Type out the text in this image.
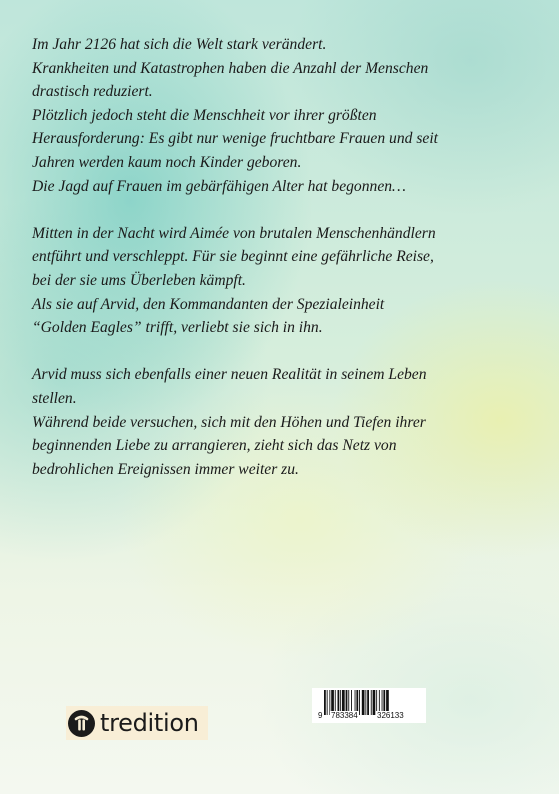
Im Jahr 2126 hat sich die Welt stark verändert.
Krankheiten und Katastrophen haben die Anzahl der Menschen
drastisch reduziert.
Plötzlich jedoch steht die Menschheit vor ihrer größten
Herausforderung: Es gibt nur wenige fruchtbare Frauen und seit
Jahren werden kaum noch Kinder geboren.
Die Jagd auf Frauen im gebärfähigen Alter hat begonnen…

Mitten in der Nacht wird Aimée von brutalen Menschenhändlern
entführt und verschleppt. Für sie beginnt eine gefährliche Reise,
bei der sie ums Überleben kämpft.
Als sie auf Arvid, den Kommandanten der Spezialeinheit
“Golden Eagles” trifft, verliebt sie sich in ihn.

Arvid muss sich ebenfalls einer neuen Realität in seinem Leben
stellen.
Während beide versuchen, sich mit den Höhen und Tiefen ihrer
beginnenden Liebe zu arrangieren, zieht sich das Netz von
bedrohlichen Ereignissen immer weiter zu.

tredition	9 783384 326133
